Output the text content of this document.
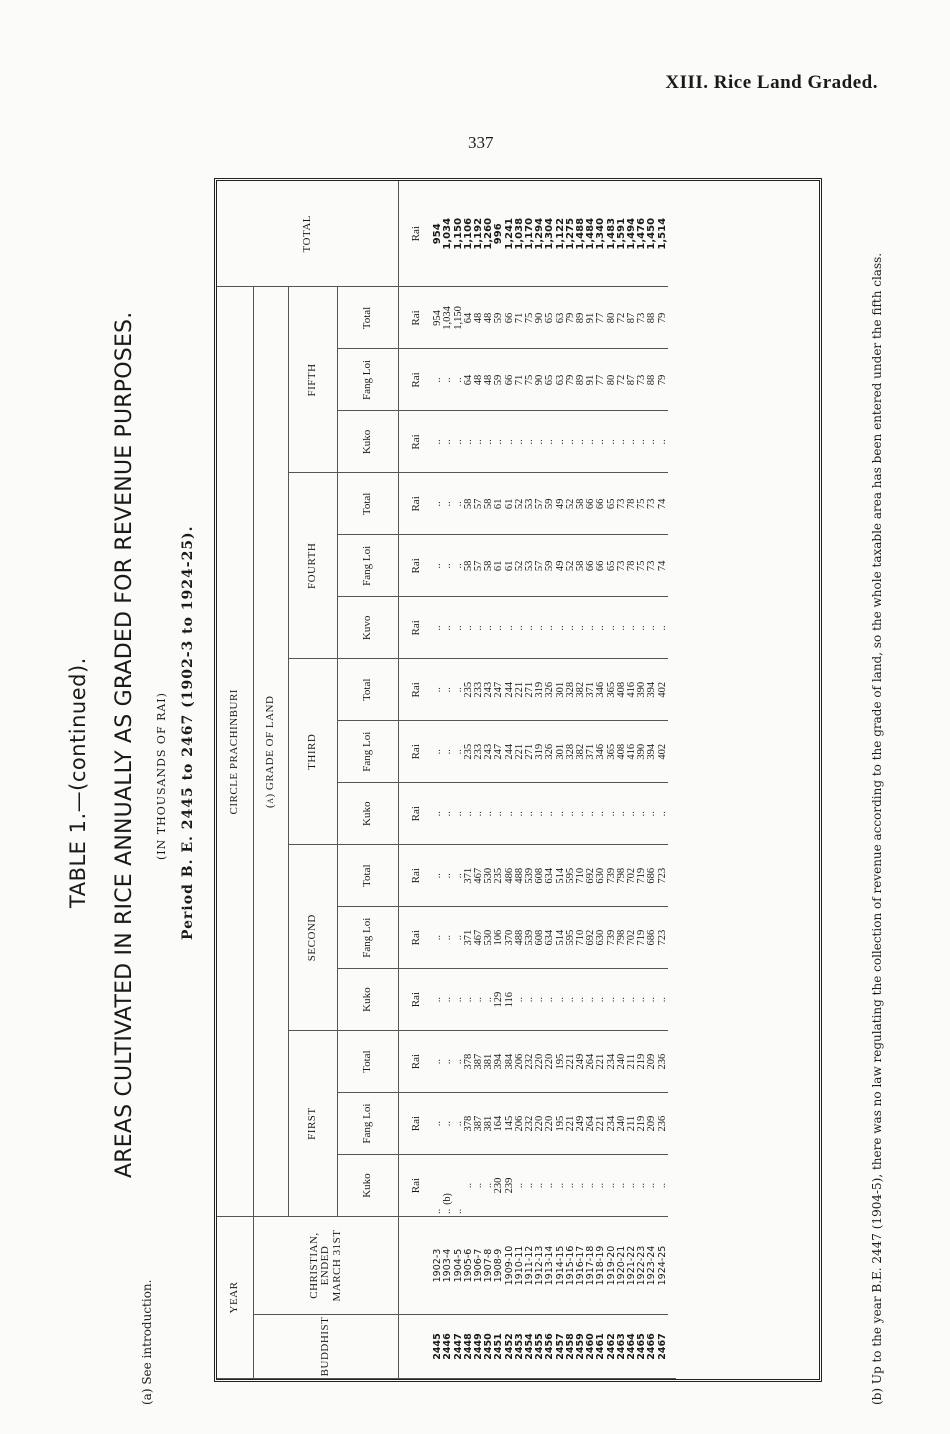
XIII. Rice Land Graded.
337
TABLE 1.—(continued). AREAS CULTIVATED IN RICE ANNUALLY AS GRADED FOR REVENUE PURPOSES. (IN THOUSANDS OF RAI) Period B. E. 2445 to 2467 (1902-3 to 1924-25).
YEAR		CIRCLE PRACHINBURI															TOTAL
BUDDHIST	CHRISTIAN, ENDED MARCH 31ST	(a) GRADE OF LAND															
		FIRST			SECOND			THIRD			FOURTH			FIFTH			
		Kuko	Fang Loi	Total	Kuko	Fang Loi	Total	Kuko	Fang Loi	Total	Kuvo	Fang Loi	Total	Kuko	Fang Loi	Total	
		Rai	Rai	Rai	Rai	Rai	Rai	Rai	Rai	Rai	Rai	Rai	Rai	Rai	Rai	Rai	Rai
2445	1902-3	..	..	..	..	..	..	..	..	..	..	..	..	..	..	954	954
2446	1903-4	..(b)	..	..	..	..	..	..	..	..	..	..	..	..	..	1,034	1,034
2447	1904-5	..	..	..	..	..	..	..	..	..	..	..	..	..	..	1,150	1,150
2448	1905-6	..	378	378	..	371	371	..	235	235	..	58	58	..	64	64	1,106
2449	1906-7	..	387	387	..	467	467	..	233	233	..	57	57	..	48	48	1,192
2450	1907-8	..	381	381	..	530	530	..	243	243	..	58	58	..	48	48	1,260
2451	1908-9	230	164	394	129	106	235	..	247	247	..	61	61	..	59	59	996
2452	1909-10	239	145	384	116	370	486	..	244	244	..	61	61	..	66	66	1,241
2453	1910-11	..	206	206	..	488	488	..	221	221	..	52	52	..	71	71	1,038
2454	1911-12	..	232	232	..	539	539	..	271	271	..	53	53	..	75	75	1,170
2455	1912-13	..	220	220	..	608	608	..	319	319	..	57	57	..	90	90	1,294
2456	1913-14	..	220	220	..	634	634	..	326	326	..	59	59	..	65	65	1,304
2457	1914-15	..	195	195	..	514	514	..	301	301	..	49	49	..	63	63	1,122
2458	1915-16	..	221	221	..	595	595	..	328	328	..	52	52	..	79	79	1,275
2459	1916-17	..	249	249	..	710	710	..	382	382	..	58	58	..	89	89	1,488
2460	1917-18	..	264	264	..	692	692	..	371	371	..	66	66	..	91	91	1,484
2461	1918-19	..	221	221	..	630	630	..	346	346	..	66	66	..	77	77	1,340
2462	1919-20	..	234	234	..	739	739	..	365	365	..	65	65	..	80	80	1,483
2463	1920-21	..	240	240	..	798	798	..	408	408	..	73	73	..	72	72	1,591
2464	1921-22	..	211	211	..	702	702	..	416	416	..	78	78	..	87	87	1,494
2465	1922-23	..	219	219	..	719	719	..	390	390	..	75	75	..	73	73	1,476
2466	1923-24	..	209	209	..	686	686	..	394	394	..	73	73	..	88	88	1,450
2467	1924-25	..	236	236	..	723	723	..	402	402	..	74	74	..	79	79	1,514

(a) See introduction.	(b) Up to the year B.E. 2447 (1904-5), there was no law regulating the collection of revenue according to the grade of land, so the whole taxable area has been entered under the fifth class.
